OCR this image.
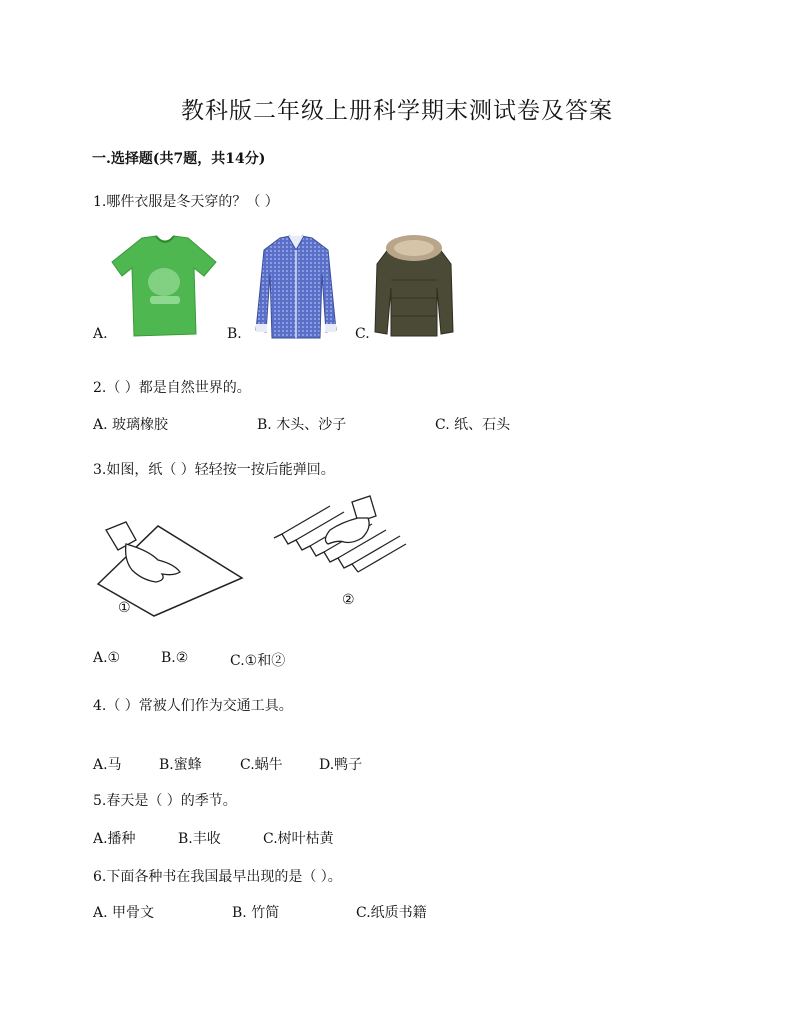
教科版二年级上册科学期末测试卷及答案
一.选择题(共7题，共14分)
1.哪件衣服是冬天穿的？（ ）
A.	B.	C.
2.（ ）都是自然世界的。
A. 玻璃橡胶	B. 木头、沙子	C. 纸、石头
3.如图，纸（ ）轻轻按一按后能弹回。
①	②
A.①	B.②	C.①和②
4.（ ）常被人们作为交通工具。
A.马	B.蜜蜂	C.蜗牛	D.鸭子
5.春天是（ ）的季节。
A.播种	B.丰收	C.树叶枯黄
6.下面各种书在我国最早出现的是（ ）。
A. 甲骨文	B. 竹简	C.纸质书籍
